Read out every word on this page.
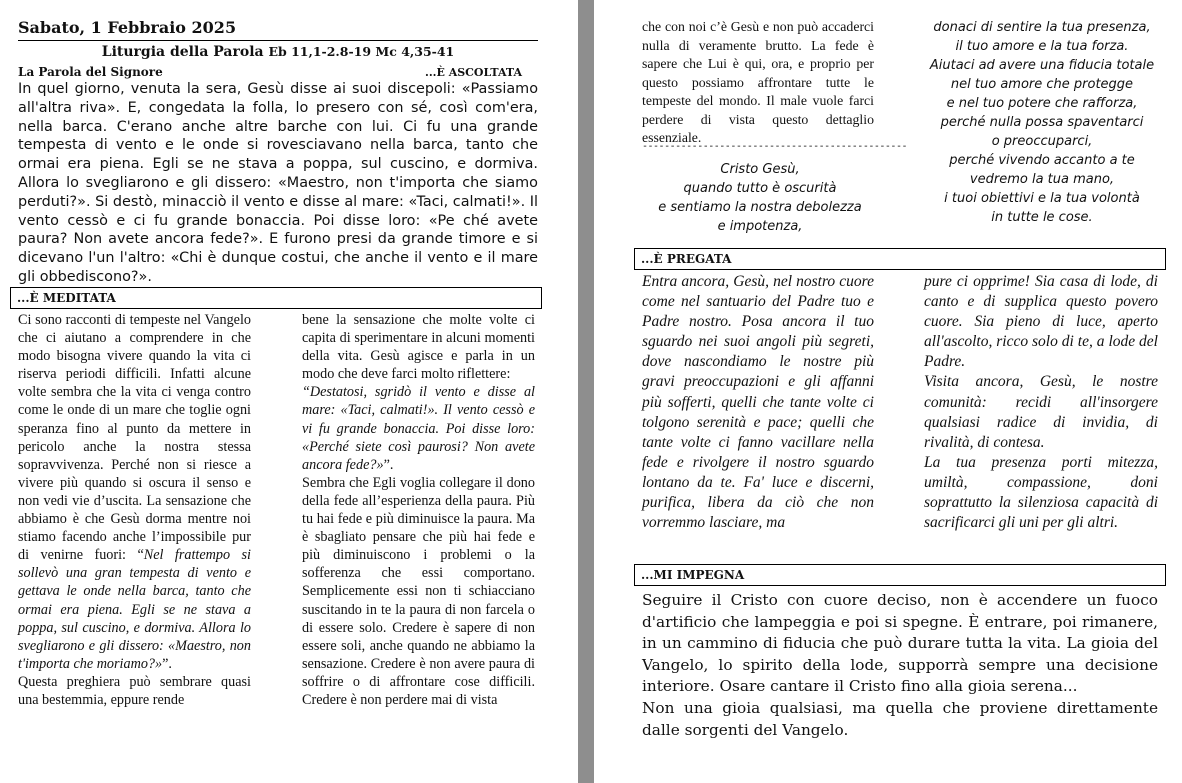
Sabato, 1 Febbraio 2025
Liturgia della Parola Eb 11,1-2.8-19 Mc 4,35-41
La Parola del Signore	...È ASCOLTATA
In quel giorno, venuta la sera, Gesù disse ai suoi discepoli: «Passiamo all'altra riva». E, congedata la folla, lo presero con sé, così com'era, nella barca. C'erano anche altre barche con lui. Ci fu una grande tempesta di vento e le onde si rovesciavano nella barca, tanto che ormai era piena. Egli se ne stava a poppa, sul cuscino, e dormiva. Allora lo svegliarono e gli dissero: «Maestro, non t'importa che siamo perduti?». Si destò, minacciò il vento e disse al mare: «Taci, calmati!». Il vento cessò e ci fu grande bonaccia. Poi disse loro: «Pe ché avete paura? Non avete ancora fede?». E furono presi da grande timore e si dicevano l'un l'altro: «Chi è dunque costui, che anche il vento e il mare gli obbediscono?».
...È MEDITATA

Ci sono racconti di tempeste nel Vangelo che ci aiutano a comprendere in che modo bisogna vivere quando la vita ci riserva periodi difficili. Infatti alcune volte sembra che la vita ci venga contro come le onde di un mare che toglie ogni speranza fino al punto da mettere in pericolo anche la nostra stessa sopravvivenza. Perché non si riesce a vivere più quando si oscura il senso e non vedi vie d’uscita. La sensazione che abbiamo è che Gesù dorma mentre noi stiamo facendo anche l’impossibile pur di venirne fuori: “Nel frattempo si sollevò una gran tempesta di vento e gettava le onde nella barca, tanto che ormai era piena. Egli se ne stava a poppa, sul cuscino, e dormiva. Allora lo svegliarono e gli dissero: «Maestro, non t'importa che moriamo?»”.

Questa preghiera può sembrare quasi una bestemmia, eppure rende

bene la sensazione che molte volte ci capita di sperimentare in alcuni momenti della vita. Gesù agisce e parla in un modo che deve farci molto riflettere:

“Destatosi, sgridò il vento e disse al mare: «Taci, calmati!». Il vento cessò e vi fu grande bonaccia. Poi disse loro: «Perché siete così paurosi? Non avete ancora fede?»”.

Sembra che Egli voglia collegare il dono della fede all’esperienza della paura. Più tu hai fede e più diminuisce la paura. Ma è sbagliato pensare che più hai fede e più diminuiscono i problemi o la sofferenza che essi comportano. Semplicemente essi non ti schiacciano suscitando in te la paura di non farcela o di essere solo. Credere è sapere di non essere soli, anche quando ne abbiamo la sensazione. Credere è non avere paura di soffrire o di affrontare cose difficili. Credere è non perdere mai di vista

che con noi c’è Gesù e non può accaderci nulla di veramente brutto. La fede è sapere che Lui è qui, ora, e proprio per questo possiamo affrontare tutte le tempeste del mondo. Il male vuole farci perdere di vista questo dettaglio essenziale.
------------------------------------------------
Cristo Gesù,
quando tutto è oscurità
e sentiamo la nostra debolezza
e impotenza,
donaci di sentire la tua presenza,
il tuo amore e la tua forza.
Aiutaci ad avere una fiducia totale
nel tuo amore che protegge
e nel tuo potere che rafforza,
perché nulla possa spaventarci
o preoccuparci,
perché vivendo accanto a te
vedremo la tua mano,
i tuoi obiettivi e la tua volontà
in tutte le cose.
...È PREGATA
Entra ancora, Gesù, nel nostro cuore come nel santuario del Padre tuo e Padre nostro. Posa ancora il tuo sguardo nei suoi angoli più segreti, dove nascondiamo le nostre più gravi preoccupazioni e gli affanni più sofferti, quelli che tante volte ci tolgono serenità e pace; quelli che tante volte ci fanno vacillare nella fede e rivolgere il nostro sguardo lontano da te. Fa' luce e discerni, purifica, libera da ciò che non vorremmo lasciare, ma
pure ci opprime! Sia casa di lode, di canto e di supplica questo povero cuore. Sia pieno di luce, aperto all'ascolto, ricco solo di te, a lode del Padre.
Visita ancora, Gesù, le nostre comunità: recidi all'insorgere qualsiasi radice di invidia, di rivalità, di contesa.
La tua presenza porti mitezza, umiltà, compassione, doni soprattutto la silenziosa capacità di sacrificarci gli uni per gli altri.
...MI IMPEGNA
Seguire il Cristo con cuore deciso, non è accendere un fuoco d'artificio che lampeggia e poi si spegne. È entrare, poi rimanere, in un cammino di fiducia che può durare tutta la vita. La gioia del Vangelo, lo spirito della lode, supporrà sempre una decisione interiore. Osare cantare il Cristo fino alla gioia serena...
Non una gioia qualsiasi, ma quella che proviene direttamente dalle sorgenti del Vangelo.
